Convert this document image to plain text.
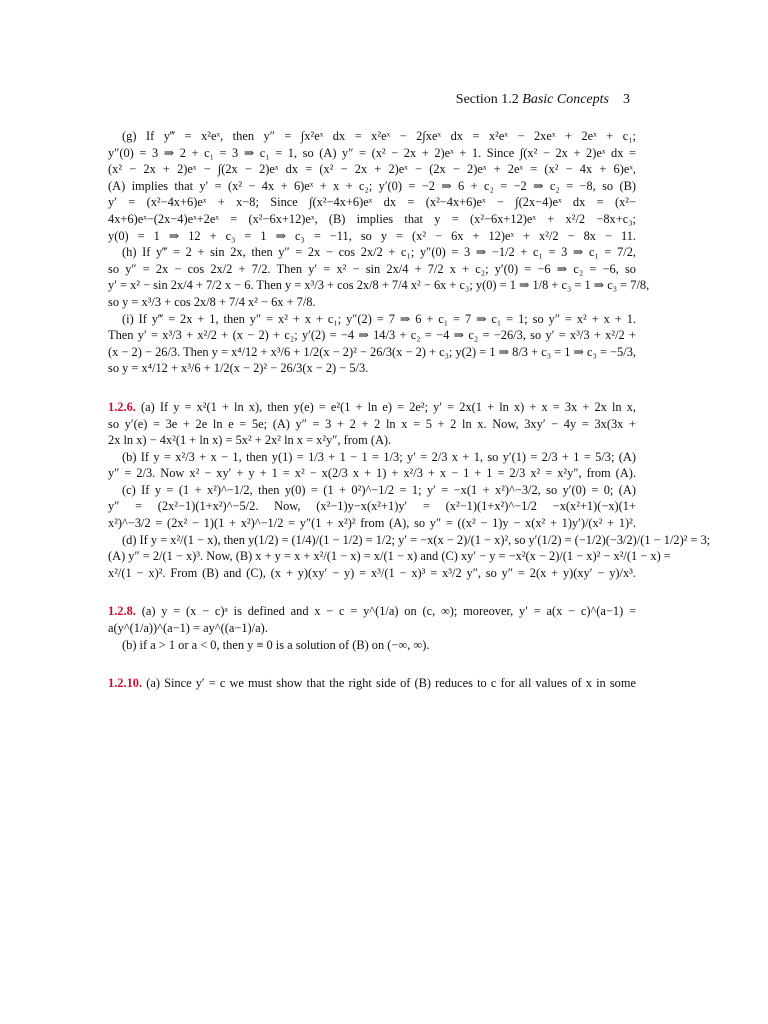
Section 1.2 Basic Concepts 3
(g) If y‴ = x²eˣ, then y″ = ∫x²eˣ dx = x²eˣ − 2∫xeˣ dx = x²eˣ − 2xeˣ + 2eˣ + c₁;
y″(0) = 3 ⇒ 2 + c₁ = 3 ⇒ c₁ = 1, so (A) y″ = (x² − 2x + 2)eˣ + 1. Since ∫(x² − 2x + 2)eˣ dx =
(x² − 2x + 2)eˣ − ∫(2x − 2)eˣ dx = (x² − 2x + 2)eˣ − (2x − 2)eˣ + 2eˣ = (x² − 4x + 6)eˣ,
(A) implies that y′ = (x² − 4x + 6)eˣ + x + c₂; y′(0) = −2 ⇒ 6 + c₂ = −2 ⇒ c₂ = −8, so (B)
y′ = (x²−4x+6)eˣ + x−8; Since ∫(x²−4x+6)eˣ dx = (x²−4x+6)eˣ − ∫(2x−4)eˣ dx = (x²−
4x+6)eˣ−(2x−4)eˣ+2eˣ = (x²−6x+12)eˣ, (B) implies that y = (x²−6x+12)eˣ + x²/2 −8x+c₃;
y(0) = 1 ⇒ 12 + c₃ = 1 ⇒ c₃ = −11, so y = (x² − 6x + 12)eˣ + x²/2 − 8x − 11.
(h) If y‴ = 2 + sin 2x, then y″ = 2x − cos 2x/2 + c₁; y″(0) = 3 ⇒ −1/2 + c₁ = 3 ⇒ c₁ = 7/2,
so y″ = 2x − cos 2x/2 + 7/2. Then y′ = x² − sin 2x/4 + 7/2 x + c₂; y′(0) = −6 ⇒ c₂ = −6, so
y′ = x² − sin 2x/4 + 7/2 x − 6. Then y = x³/3 + cos 2x/8 + 7/4 x² − 6x + c₃; y(0) = 1 ⇒ 1/8 + c₃ = 1 ⇒ c₃ = 7/8,
so y = x³/3 + cos 2x/8 + 7/4 x² − 6x + 7/8.
(i) If y‴ = 2x + 1, then y″ = x² + x + c₁; y″(2) = 7 ⇒ 6 + c₁ = 7 ⇒ c₁ = 1; so y″ = x² + x + 1.
Then y′ = x³/3 + x²/2 + (x − 2) + c₂; y′(2) = −4 ⇒ 14/3 + c₂ = −4 ⇒ c₂ = −26/3, so y′ = x³/3 + x²/2 +
(x − 2) − 26/3. Then y = x⁴/12 + x³/6 + 1/2(x − 2)² − 26/3(x − 2) + c₃; y(2) = 1 ⇒ 8/3 + c₃ = 1 ⇒ c₃ = −5/3,
so y = x⁴/12 + x³/6 + 1/2(x − 2)² − 26/3(x − 2) − 5/3.
1.2.6. (a) If y = x²(1 + ln x), then y(e) = e²(1 + ln e) = 2e²; y′ = 2x(1 + ln x) + x = 3x + 2x ln x,
so y′(e) = 3e + 2e ln e = 5e; (A) y″ = 3 + 2 + 2 ln x = 5 + 2 ln x. Now, 3xy′ − 4y = 3x(3x +
2x ln x) − 4x²(1 + ln x) = 5x² + 2x² ln x = x²y″, from (A).
(b) If y = x²/3 + x − 1, then y(1) = 1/3 + 1 − 1 = 1/3; y′ = 2/3 x + 1, so y′(1) = 2/3 + 1 = 5/3; (A)
y″ = 2/3. Now x² − xy′ + y + 1 = x² − x(2/3 x + 1) + x²/3 + x − 1 + 1 = 2/3 x² = x²y″, from (A).
(c) If y = (1 + x²)^−1/2, then y(0) = (1 + 0²)^−1/2 = 1; y′ = −x(1 + x²)^−3/2, so y′(0) = 0; (A)
y″ = (2x²−1)(1+x²)^−5/2. Now, (x²−1)y−x(x²+1)y′ = (x²−1)(1+x²)^−1/2 −x(x²+1)(−x)(1+
x²)^−3/2 = (2x² − 1)(1 + x²)^−1/2 = y″(1 + x²)² from (A), so y″ = ((x² − 1)y − x(x² + 1)y′)/(x² + 1)².
(d) If y = x²/(1 − x), then y(1/2) = (1/4)/(1 − 1/2) = 1/2; y′ = −x(x − 2)/(1 − x)², so y′(1/2) = (−1/2)(−3/2)/(1 − 1/2)² = 3;
(A) y″ = 2/(1 − x)³. Now, (B) x + y = x + x²/(1 − x) = x/(1 − x) and (C) xy′ − y = −x²(x − 2)/(1 − x)² − x²/(1 − x) =
x²/(1 − x)². From (B) and (C), (x + y)(xy′ − y) = x³/(1 − x)³ = x³/2 y″, so y″ = 2(x + y)(xy′ − y)/x³.
1.2.8. (a) y = (x − c)ᵃ is defined and x − c = y^(1/a) on (c, ∞); moreover, y′ = a(x − c)^(a−1) =
a(y^(1/a))^(a−1) = ay^((a−1)/a).
(b) if a > 1 or a < 0, then y ≡ 0 is a solution of (B) on (−∞, ∞).
1.2.10. (a) Since y′ = c we must show that the right side of (B) reduces to c for all values of x in some
